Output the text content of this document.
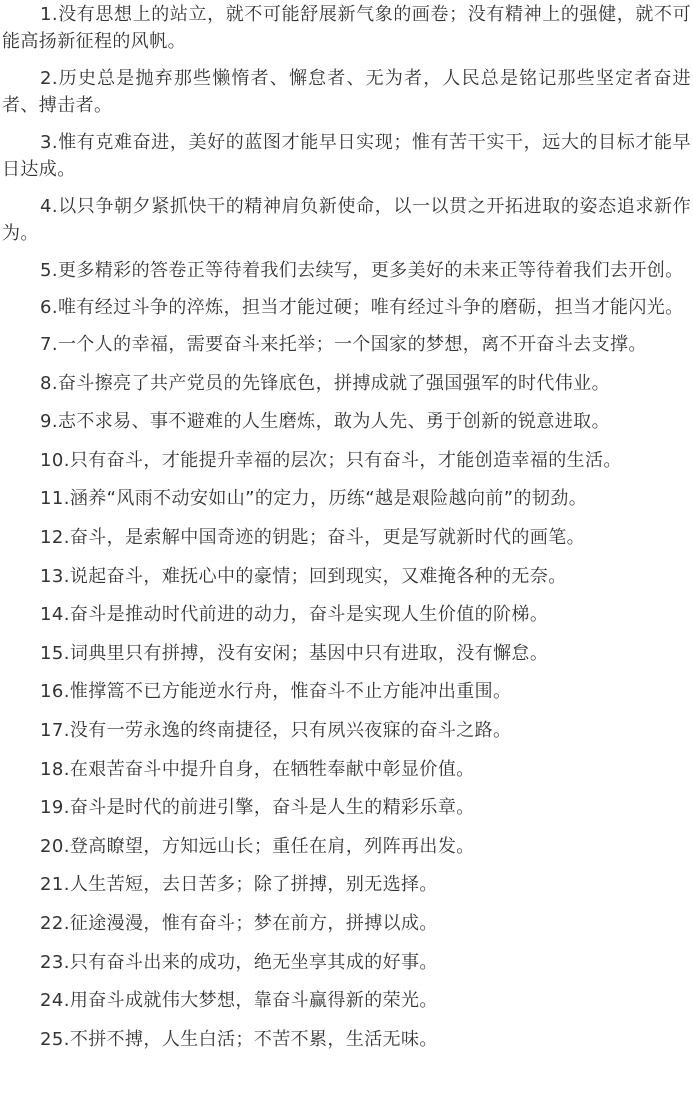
1.没有思想上的站立，就不可能舒展新气象的画卷；没有精神上的强健，就不可能高扬新征程的风帆。

2.历史总是抛弃那些懒惰者、懈怠者、无为者，人民总是铭记那些坚定者奋进者、搏击者。

3.惟有克难奋进，美好的蓝图才能早日实现；惟有苦干实干，远大的目标才能早日达成。

4.以只争朝夕紧抓快干的精神肩负新使命，以一以贯之开拓进取的姿态追求新作为。

5.更多精彩的答卷正等待着我们去续写，更多美好的未来正等待着我们去开创。

6.唯有经过斗争的淬炼，担当才能过硬；唯有经过斗争的磨砺，担当才能闪光。

7.一个人的幸福，需要奋斗来托举；一个国家的梦想，离不开奋斗去支撑。

8.奋斗擦亮了共产党员的先锋底色，拼搏成就了强国强军的时代伟业。

9.志不求易、事不避难的人生磨炼，敢为人先、勇于创新的锐意进取。

10.只有奋斗，才能提升幸福的层次；只有奋斗，才能创造幸福的生活。

11.涵养“风雨不动安如山”的定力，历练“越是艰险越向前”的韧劲。

12.奋斗，是索解中国奇迹的钥匙；奋斗，更是写就新时代的画笔。

13.说起奋斗，难抚心中的豪情；回到现实，又难掩各种的无奈。

14.奋斗是推动时代前进的动力，奋斗是实现人生价值的阶梯。

15.词典里只有拼搏，没有安闲；基因中只有进取，没有懈怠。

16.惟撑篙不已方能逆水行舟，惟奋斗不止方能冲出重围。

17.没有一劳永逸的终南捷径，只有夙兴夜寐的奋斗之路。

18.在艰苦奋斗中提升自身，在牺牲奉献中彰显价值。

19.奋斗是时代的前进引擎，奋斗是人生的精彩乐章。

20.登高瞭望，方知远山长；重任在肩，列阵再出发。

21.人生苦短，去日苦多；除了拼搏，别无选择。

22.征途漫漫，惟有奋斗；梦在前方，拼搏以成。

23.只有奋斗出来的成功，绝无坐享其成的好事。

24.用奋斗成就伟大梦想，靠奋斗赢得新的荣光。

25.不拼不搏，人生白活；不苦不累，生活无味。
